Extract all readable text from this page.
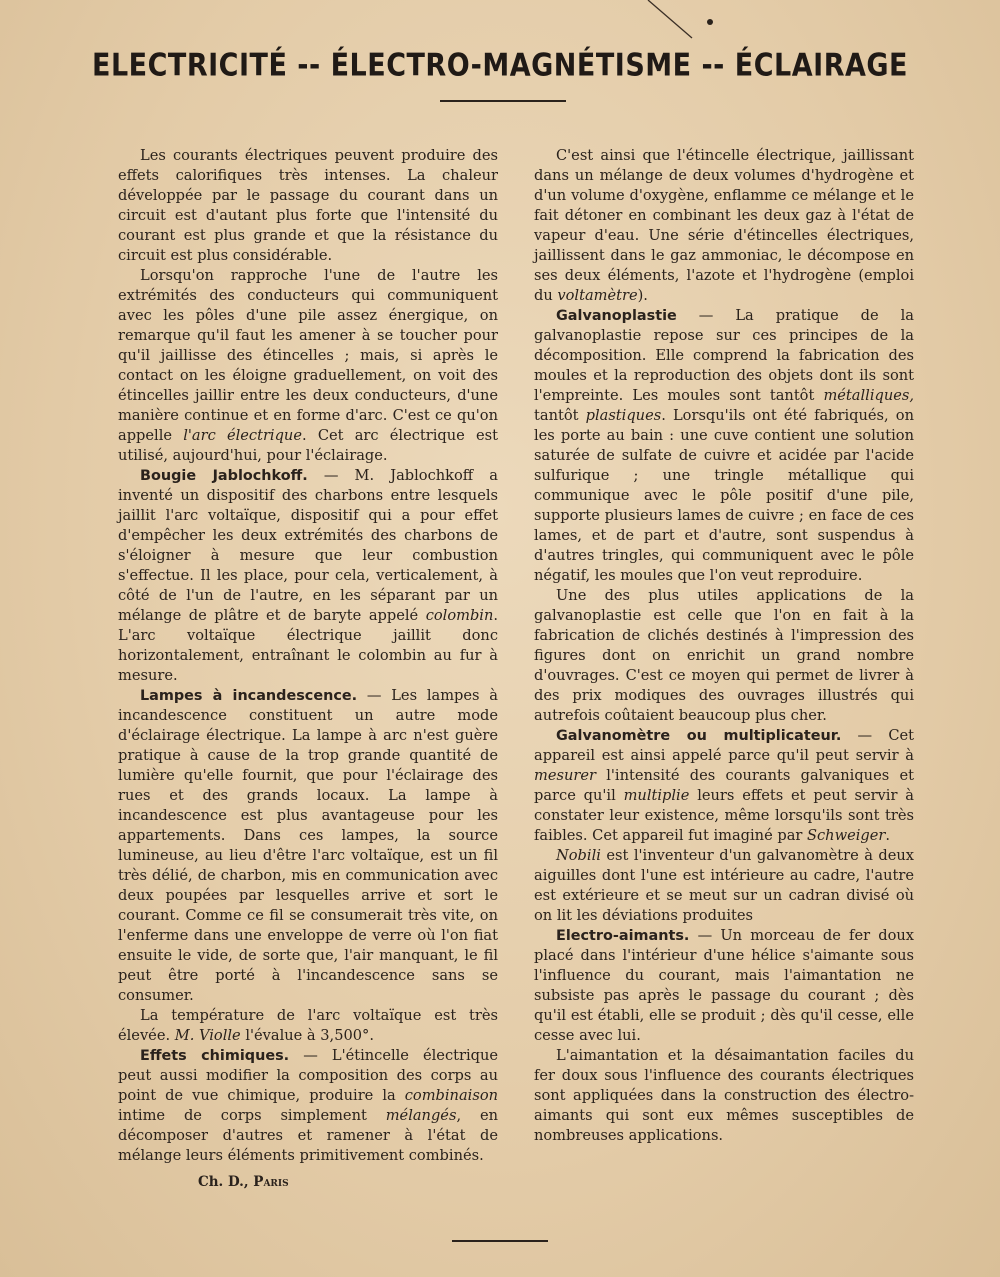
ELECTRICITÉ -- ÉLECTRO-MAGNÉTISME -- ÉCLAIRAGE

Les courants électriques peuvent produire des effets calorifiques très intenses. La chaleur développée par le passage du courant dans un circuit est d'autant plus forte que l'intensité du courant est plus grande et que la résistance du circuit est plus considérable.

Lorsqu'on rapproche l'une de l'autre les extrémités des conducteurs qui communiquent avec les pôles d'une pile assez énergique, on remarque qu'il faut les amener à se toucher pour qu'il jaillisse des étincelles ; mais, si après le contact on les éloigne graduellement, on voit des étincelles jaillir entre les deux conducteurs, d'une manière continue et en forme d'arc. C'est ce qu'on appelle l'arc électrique. Cet arc électrique est utilisé, aujourd'hui, pour l'éclairage.

Bougie Jablochkoff. — M. Jablochkoff a inventé un dispositif des charbons entre lesquels jaillit l'arc voltaïque, dispositif qui a pour effet d'empêcher les deux extrémités des charbons de s'éloigner à mesure que leur combustion s'effectue. Il les place, pour cela, verticalement, à côté de l'un de l'autre, en les séparant par un mélange de plâtre et de baryte appelé colombin. L'arc voltaïque électrique jaillit donc horizontalement, entraînant le colombin au fur à mesure.

Lampes à incandescence. — Les lampes à incandescence constituent un autre mode d'éclairage électrique. La lampe à arc n'est guère pratique à cause de la trop grande quantité de lumière qu'elle fournit, que pour l'éclairage des rues et des grands locaux. La lampe à incandescence est plus avantageuse pour les appartements. Dans ces lampes, la source lumineuse, au lieu d'être l'arc voltaïque, est un fil très délié, de charbon, mis en communication avec deux poupées par lesquelles arrive et sort le courant. Comme ce fil se consumerait très vite, on l'enferme dans une enveloppe de verre où l'on fiat ensuite le vide, de sorte que, l'air manquant, le fil peut être porté à l'incandescence sans se consumer.

La température de l'arc voltaïque est très élevée. M. Violle l'évalue à 3,500°.

Effets chimiques. — L'étincelle électrique peut aussi modifier la composition des corps au point de vue chimique, produire la combinaison intime de corps simplement mélangés, en décomposer d'autres et ramener à l'état de mélange leurs éléments primitivement combinés.

Ch. D., Paris

C'est ainsi que l'étincelle électrique, jaillissant dans un mélange de deux volumes d'hydrogène et d'un volume d'oxygène, enflamme ce mélange et le fait détoner en combinant les deux gaz à l'état de vapeur d'eau. Une série d'étincelles électriques, jaillissent dans le gaz ammoniac, le décompose en ses deux éléments, l'azote et l'hydrogène (emploi du voltamètre).

Galvanoplastie — La pratique de la galvanoplastie repose sur ces principes de la décomposition. Elle comprend la fabrication des moules et la reproduction des objets dont ils sont l'empreinte. Les moules sont tantôt métalliques, tantôt plastiques. Lorsqu'ils ont été fabriqués, on les porte au bain : une cuve contient une solution saturée de sulfate de cuivre et acidée par l'acide sulfurique ; une tringle métallique qui communique avec le pôle positif d'une pile, supporte plusieurs lames de cuivre ; en face de ces lames, et de part et d'autre, sont suspendus à d'autres tringles, qui communiquent avec le pôle négatif, les moules que l'on veut reproduire.

Une des plus utiles applications de la galvanoplastie est celle que l'on en fait à la fabrication de clichés destinés à l'impression des figures dont on enrichit un grand nombre d'ouvrages. C'est ce moyen qui permet de livrer à des prix modiques des ouvrages illustrés qui autrefois coûtaient beaucoup plus cher.

Galvanomètre ou multiplicateur. — Cet appareil est ainsi appelé parce qu'il peut servir à mesurer l'intensité des courants galvaniques et parce qu'il multiplie leurs effets et peut servir à constater leur existence, même lorsqu'ils sont très faibles. Cet appareil fut imaginé par Schweiger.

Nobili est l'inventeur d'un galvanomètre à deux aiguilles dont l'une est intérieure au cadre, l'autre est extérieure et se meut sur un cadran divisé où on lit les déviations produites

Electro-aimants. — Un morceau de fer doux placé dans l'intérieur d'une hélice s'aimante sous l'influence du courant, mais l'aimantation ne subsiste pas après le passage du courant ; dès qu'il est établi, elle se produit ; dès qu'il cesse, elle cesse avec lui.

L'aimantation et la désaimantation faciles du fer doux sous l'influence des courants électriques sont appliquées dans la construction des électro-aimants qui sont eux mêmes susceptibles de nombreuses applications.
